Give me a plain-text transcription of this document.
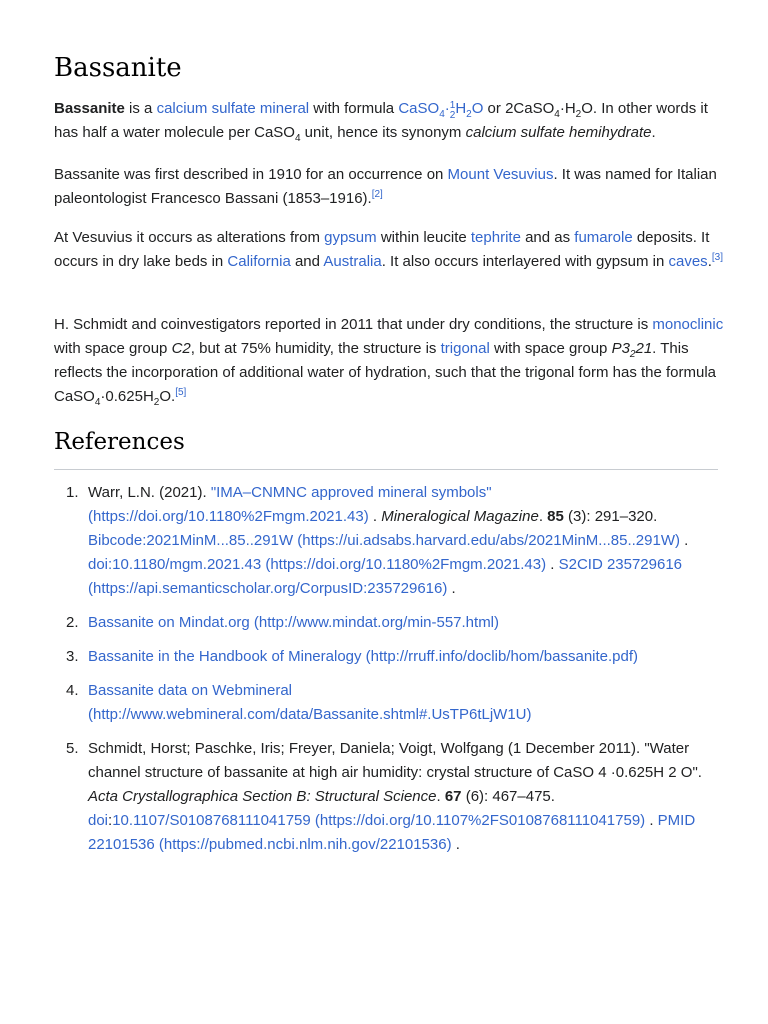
Bassanite

Bassanite is a calcium sulfate mineral with formula CaSO$_4$· 1
2 $H_2O$ or $2CaSO_4\cdot H_2O$. In other words it has half a water molecule per CaSO$_4$ unit, hence its synonym calcium sulfate hemihydrate.

Bassanite was first described in 1910 for an occurrence on Mount Vesuvius. It was named for Italian paleontologist Francesco Bassani (1853–1916).[2]

At Vesuvius it occurs as alterations from gypsum within leucite tephrite and as fumarole deposits. It occurs in dry lake beds in California and Australia. It also occurs interlayered with gypsum in caves.[3]

H. Schmidt and coinvestigators reported in 2011 that under dry conditions, the structure is monoclinic with space group C2, but at 75% humidity, the structure is trigonal with space group $P3_221$. This reflects the incorporation of additional water of hydration, such that the trigonal form has the formula $CaSO_4\cdot 0.625H_2O.[5]$

References
1. Warr, L.N. (2021). "IMA–CNMNC approved mineral symbols" (https://doi.org/10.1180%2Fmgm.2021.43) . Mineralogical Magazine. 85 (3): 291–320. Bibcode:2021MinM...85..291W (https://ui.adsabs.harvard.edu/abs/2021MinM...85..291W) . doi:10.1180/mgm.2021.43 (https://doi.org/10.1180%2Fmgm.2021.43) . S2CID 235729616 (https://api.semanticscholar.org/CorpusID:235729616) .
2. Bassanite on Mindat.org (http://www.mindat.org/min-557.html)
3. Bassanite in the Handbook of Mineralogy (http://rruff.info/doclib/hom/bassanite.pdf)
4. Bassanite data on Webmineral (http://www.webmineral.com/data/Bassanite.shtml#.UsTP6tLjW1U)
5. Schmidt, Horst; Paschke, Iris; Freyer, Daniela; Voigt, Wolfgang (1 December 2011). "Water channel structure of bassanite at high air humidity: crystal structure of CaSO 4 ·0.625H 2 O". Acta Crystallographica Section B: Structural Science. 67 (6): 467–475. doi:10.1107/S0108768111041759 (https://doi.org/10.1107%2FS0108768111041759) . PMID 22101536 (https://pubmed.ncbi.nlm.nih.gov/22101536) .
